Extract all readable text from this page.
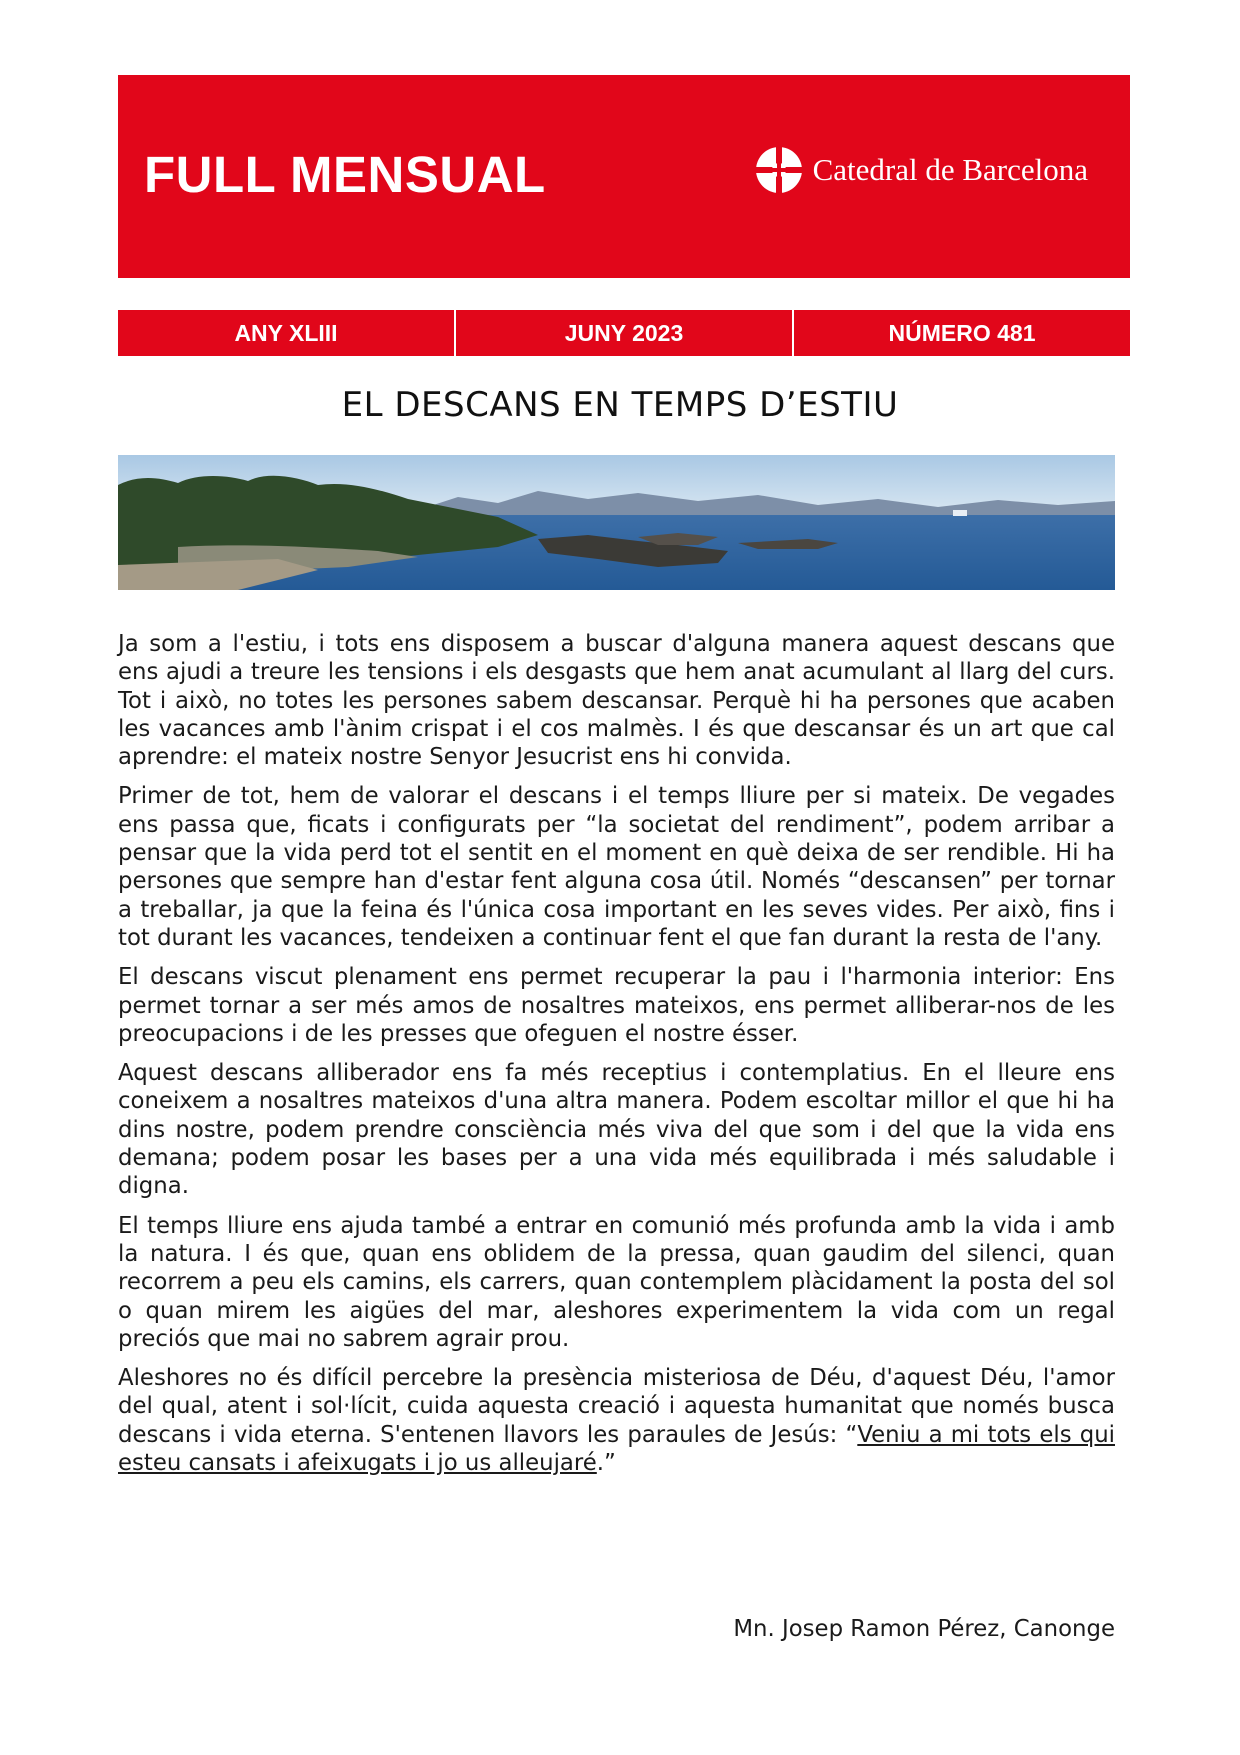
FULL MENSUAL	Catedral de Barcelona
ANY XLIII	JUNY 2023	NÚMERO 481
EL DESCANS EN TEMPS D’ESTIU

Ja som a l'estiu, i tots ens disposem a buscar d'alguna manera aquest descans que ens ajudi a treure les tensions i els desgasts que hem anat acumulant al llarg del curs. Tot i això, no totes les persones sabem descansar. Perquè hi ha persones que acaben les vacances amb l'ànim crispat i el cos malmès. I és que descansar és un art que cal aprendre: el mateix nostre Senyor Jesucrist ens hi convida.

Primer de tot, hem de valorar el descans i el temps lliure per si mateix. De vegades ens passa que, ficats i configurats per “la societat del rendiment”, podem arribar a pensar que la vida perd tot el sentit en el moment en què deixa de ser rendible. Hi ha persones que sempre han d'estar fent alguna cosa útil. Només “descansen” per tornar a treballar, ja que la feina és l'única cosa important en les seves vides. Per això, fins i tot durant les vacances, tendeixen a continuar fent el que fan durant la resta de l'any.

El descans viscut plenament ens permet recuperar la pau i l'harmonia interior: Ens permet tornar a ser més amos de nosaltres mateixos, ens permet alliberar-nos de les preocupacions i de les presses que ofeguen el nostre ésser.

Aquest descans alliberador ens fa més receptius i contemplatius. En el lleure ens coneixem a nosaltres mateixos d'una altra manera. Podem escoltar millor el que hi ha dins nostre, podem prendre consciència més viva del que som i del que la vida ens demana; podem posar les bases per a una vida més equilibrada i més saludable i digna.

El temps lliure ens ajuda també a entrar en comunió més profunda amb la vida i amb la natura. I és que, quan ens oblidem de la pressa, quan gaudim del silenci, quan recorrem a peu els camins, els carrers, quan contemplem plàcidament la posta del sol o quan mirem les aigües del mar, aleshores experimentem la vida com un regal preciós que mai no sabrem agrair prou.

Aleshores no és difícil percebre la presència misteriosa de Déu, d'aquest Déu, l'amor del qual, atent i sol·lícit, cuida aquesta creació i aquesta humanitat que només busca descans i vida eterna. S'entenen llavors les paraules de Jesús: “Veniu a mi tots els qui esteu cansats i afeixugats i jo us alleujaré.”

Mn. Josep Ramon Pérez, Canonge
